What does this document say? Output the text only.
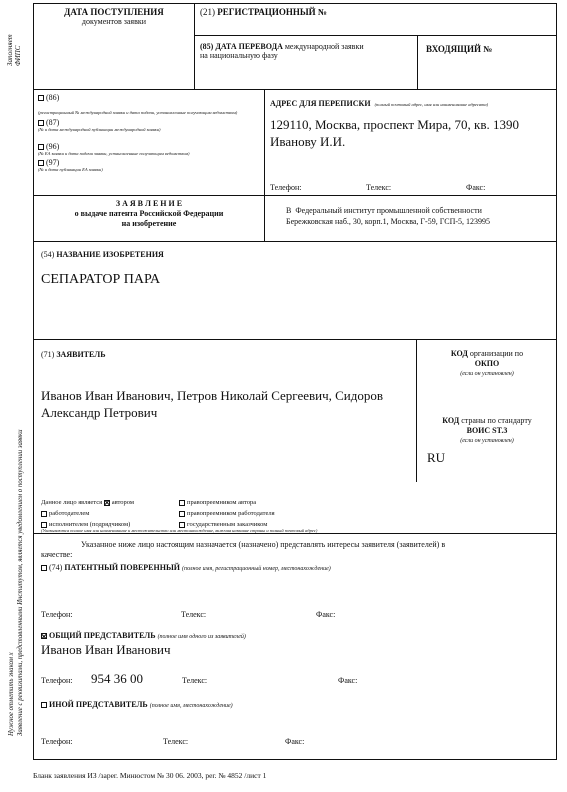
Заполняет ФИПС
Нужное отметить знаком х Заявление с реквизитами, представленными Институтом, является уведомлением о поступлении заявки
ДАТА ПОСТУПЛЕНИЯ
документов заявки
(21) РЕГИСТРАЦИОННЫЙ №
(85) ДАТА ПЕРЕВОДА международной заявки
на национальную фазу
ВХОДЯЩИЙ №
(86)
(регистрационный № международной заявки и дата подачи, установленные получающим ведомством)
(87)
(№ и дата международной публикации международной заявки)
(96)
(№ ЕА заявки и дата подачи заявки, установленные получающим ведомством)
(97)
(№ и дата публикации ЕА заявки)
АДРЕС ДЛЯ ПЕРЕПИСКИ (полный почтовый адрес, имя или наименование адресата)
129110, Москва, проспект Мира, 70, кв. 1390
Иванову И.И.
Телефон:	Телекс:	Факс:
З А Я В Л Е Н И Е
о выдаче патента Российской Федерации
на изобретение
В Федеральный институт промышленной собственности
Бережковская наб., 30, корп.1, Москва, Г-59, ГСП-5, 123995
(54) НАЗВАНИЕ ИЗОБРЕТЕНИЯ
СЕПАРАТОР ПАРА
(71) ЗАЯВИТЕЛЬ
Иванов Иван Иванович, Петров Николай Сергеевич, Сидоров
Александр Петрович
КОД организации по
ОКПО
(если он установлен)
КОД страны по стандарту
ВОИС ST.3
(если он установлен)
RU
Данное лицо является автором
работодателем
исполнителем (подрядчиком)
правопреемником автора
правопреемником работодателя
государственным заказчиком
(Указываются полное имя или наименование и местожительство или местонахождение, включая название страны и полный почтовый адрес)
Указанное ниже лицо настоящим назначается (назначено) представлять интересы заявителя (заявителей) в
качестве:
(74) ПАТЕНТНЫЙ ПОВЕРЕННЫЙ (полное имя, регистрационный номер, местонахождение)
Телефон:	Телекс:	Факс:
ОБЩИЙ ПРЕДСТАВИТЕЛЬ (полное имя одного из заявителей)
Иванов Иван Иванович
Телефон: 954 36 00	Телекс:	Факс:
ИНОЙ ПРЕДСТАВИТЕЛЬ (полное имя, местонахождение)
Телефон:	Телекс:	Факс:
Бланк заявления ИЗ /зарег. Минюстом № 30 06. 2003, рег. № 4852 /лист 1
